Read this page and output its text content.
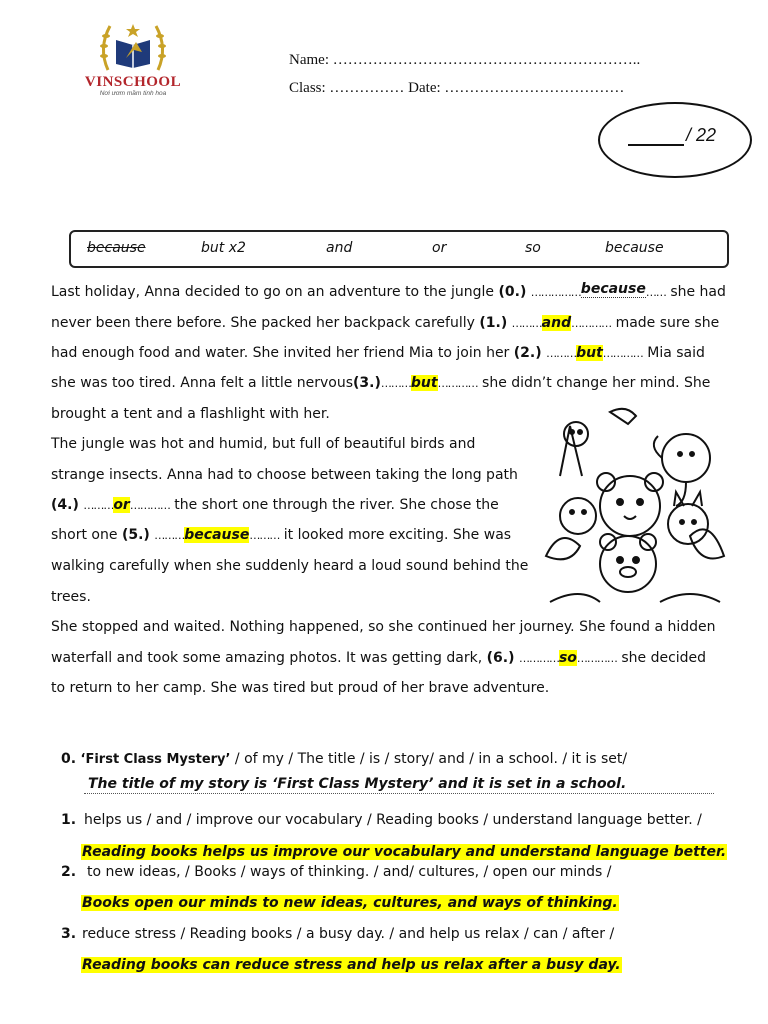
VINSCHOOL
Nơi ươm mầm tinh hoa
Name: ……………………………………………………..
Class: …………… Date: ………………………………
/ 22
because	but x2	and	or	so	because
Last holiday, Anna decided to go on an adventure to the jungle (0.) ……………because…… she had
never been there before. She packed her backpack carefully (1.) ………and………… made sure she
had enough food and water. She invited her friend Mia to join her (2.) ………but………… Mia said
she was too tired. Anna felt a little nervous(3.)………but………… she didn’t change her mind. She
brought a tent and a flashlight with her.
The jungle was hot and humid, but full of beautiful birds and
strange insects. Anna had to choose between taking the long path
(4.) ………or………… the short one through the river. She chose the
short one (5.) ………because……… it looked more exciting. She was
walking carefully when she suddenly heard a loud sound behind the
trees.
She stopped and waited. Nothing happened, so she continued her journey. She found a hidden
waterfall and took some amazing photos. It was getting dark, (6.) …………so………… she decided
to return to her camp. She was tired but proud of her brave adventure.
0. ‘First Class Mystery’ / of my / The title / is / story/ and / in a school. / it is set/
The title of my story is ‘First Class Mystery’ and it is set in a school.
1. helps us / and / improve our vocabulary / Reading books / understand language better. /
Reading books helps us improve our vocabulary and understand language better.
2. to new ideas, / Books / ways of thinking. / and/ cultures, / open our minds /
Books open our minds to new ideas, cultures, and ways of thinking.
3. reduce stress / Reading books / a busy day. / and help us relax / can / after /
Reading books can reduce stress and help us relax after a busy day.
